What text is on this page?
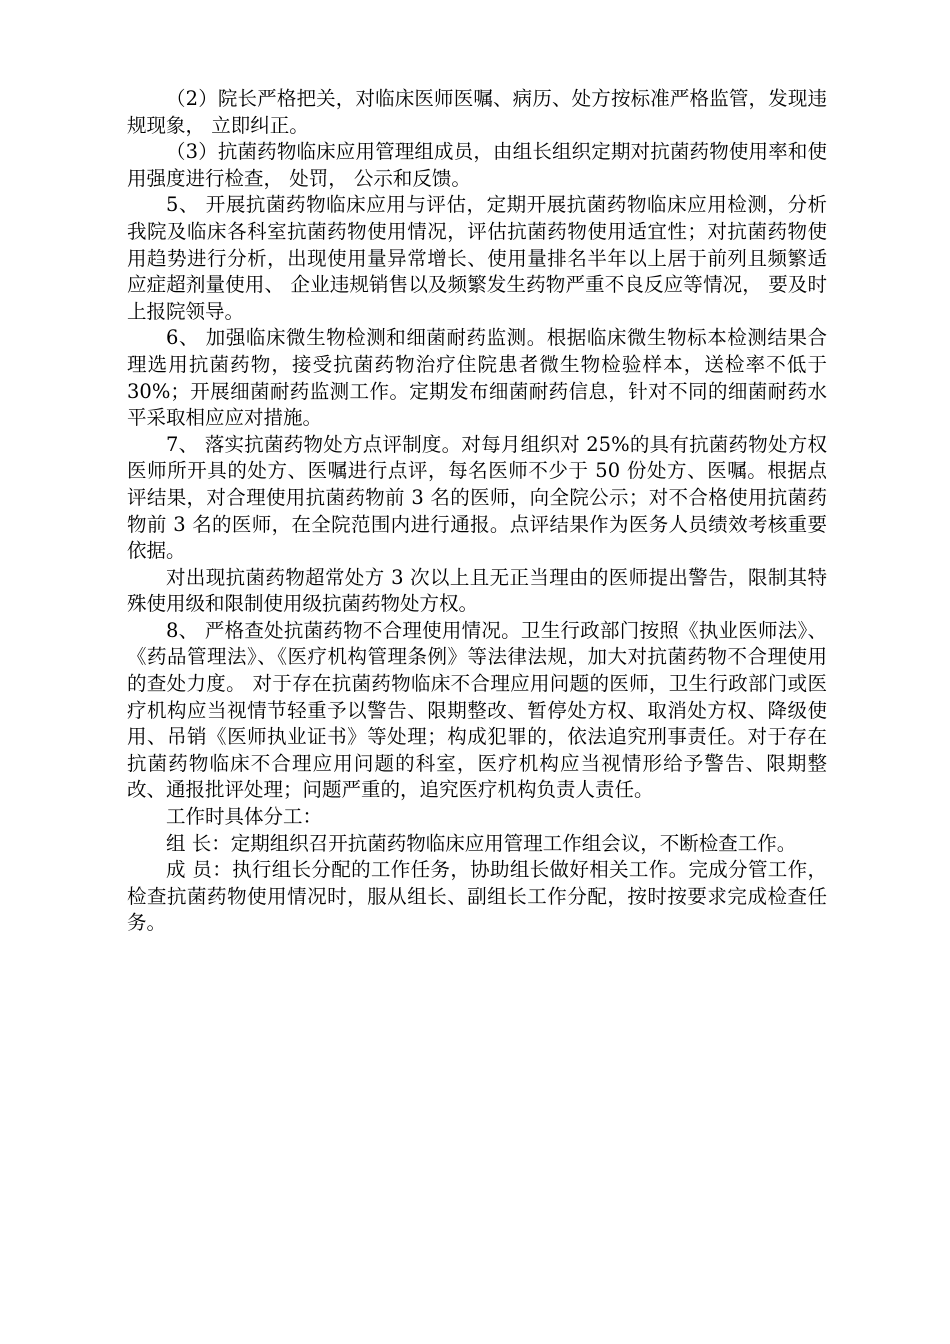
（2）院长严格把关，对临床医师医嘱、病历、处方按标准严格监管，发现违规现象， 立即纠正。

（3）抗菌药物临床应用管理组成员，由组长组织定期对抗菌药物使用率和使用强度进行检查， 处罚， 公示和反馈。

5、 开展抗菌药物临床应用与评估，定期开展抗菌药物临床应用检测，分析我院及临床各科室抗菌药物使用情况，评估抗菌药物使用适宜性；对抗菌药物使用趋势进行分析，出现使用量异常增长、使用量排名半年以上居于前列且频繁适应症超剂量使用、 企业违规销售以及频繁发生药物严重不良反应等情况， 要及时上报院领导。

6、 加强临床微生物检测和细菌耐药监测。根据临床微生物标本检测结果合理选用抗菌药物，接受抗菌药物治疗住院患者微生物检验样本，送检率不低于 30%；开展细菌耐药监测工作。定期发布细菌耐药信息，针对不同的细菌耐药水平采取相应应对措施。

7、 落实抗菌药物处方点评制度。对每月组织对 25%的具有抗菌药物处方权医师所开具的处方、医嘱进行点评，每名医师不少于 50 份处方、医嘱。根据点评结果，对合理使用抗菌药物前 3 名的医师，向全院公示；对不合格使用抗菌药物前 3 名的医师，在全院范围内进行通报。点评结果作为医务人员绩效考核重要依据。

对出现抗菌药物超常处方 3 次以上且无正当理由的医师提出警告，限制其特殊使用级和限制使用级抗菌药物处方权。

8、 严格查处抗菌药物不合理使用情况。卫生行政部门按照《执业医师法》、《药品管理法》、《医疗机构管理条例》等法律法规，加大对抗菌药物不合理使用的查处力度。 对于存在抗菌药物临床不合理应用问题的医师，卫生行政部门或医疗机构应当视情节轻重予以警告、限期整改、暂停处方权、取消处方权、降级使用、吊销《医师执业证书》等处理；构成犯罪的，依法追究刑事责任。对于存在抗菌药物临床不合理应用问题的科室，医疗机构应当视情形给予警告、限期整改、通报批评处理；问题严重的，追究医疗机构负责人责任。

工作时具体分工：

组 长：定期组织召开抗菌药物临床应用管理工作组会议，不断检查工作。

成 员：执行组长分配的工作任务，协助组长做好相关工作。完成分管工作，检查抗菌药物使用情况时，服从组长、副组长工作分配，按时按要求完成检查任务。
